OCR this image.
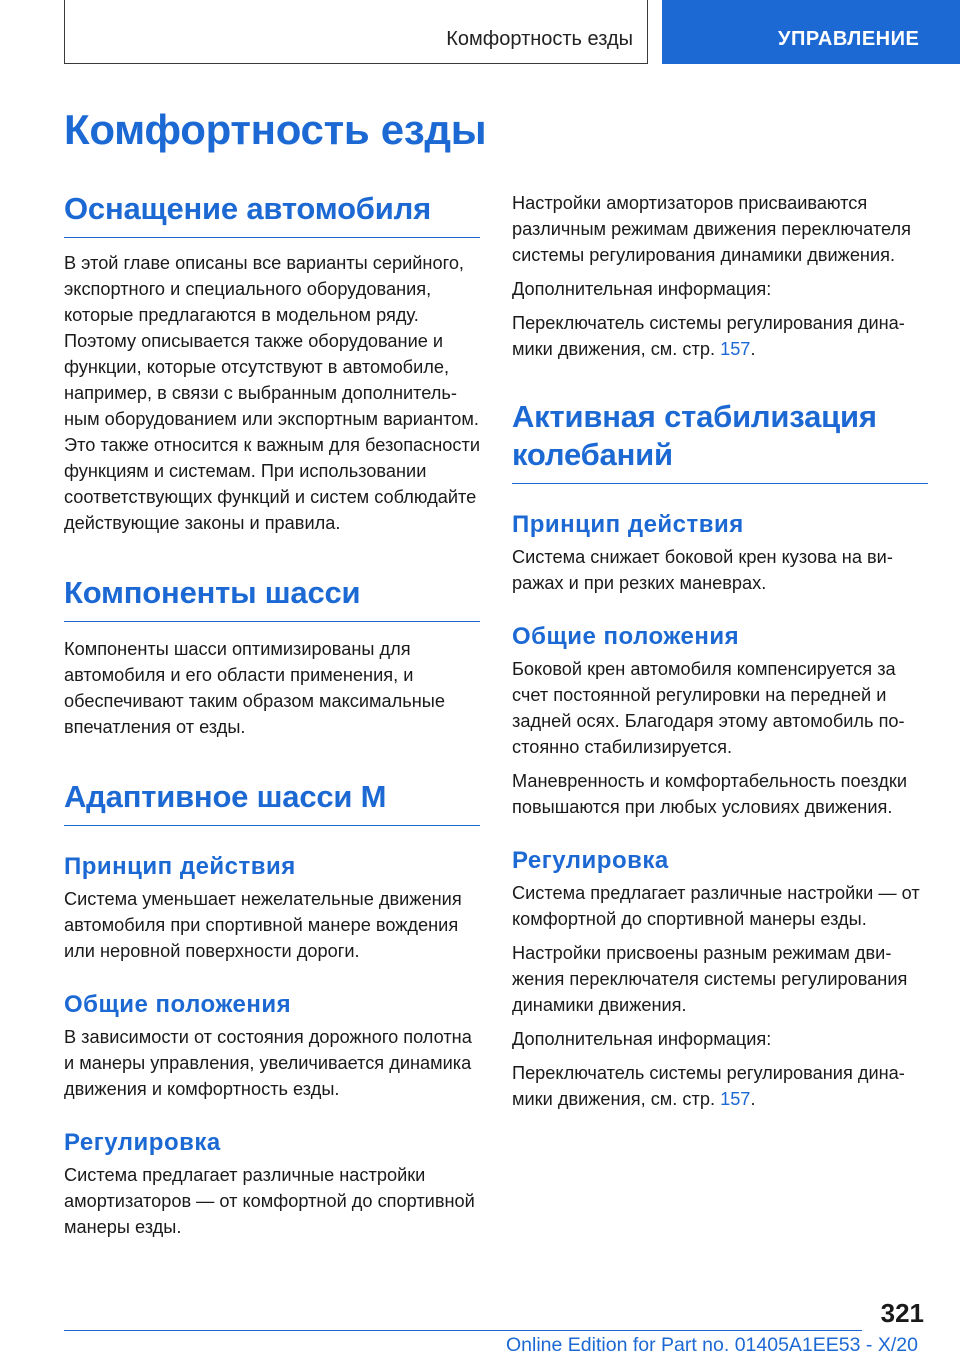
Комфортность езды	УПРАВЛЕНИЕ
Комфортность езды
Оснащение автомобиля

В этой главе описаны все варианты серийного, экспортного и специального оборудования, которые предлагаются в модельном ряду. Поэтому описывается также оборудование и функции, которые отсутствуют в автомобиле, например, в связи с выбранным дополнительным оборудованием или экспортным вариантом. Это также относится к важным для безопасности функциям и системам. При использовании соответствующих функций и систем соблюдайте действующие законы и правила.

Компоненты шасси

Компоненты шасси оптимизированы для автомобиля и его области применения, и обеспечивают таким образом максимальные впечатления от езды.

Адаптивное шасси M
Принцип действия

Система уменьшает нежелательные движения автомобиля при спортивной манере вождения или неровной поверхности дороги.

Общие положения

В зависимости от состояния дорожного полотна и манеры управления, увеличивается динамика движения и комфортность езды.

Регулировка

Система предлагает различные настройки амортизаторов — от комфортной до спортивной манеры езды.

Настройки амортизаторов присваиваются различным режимам движения переключателя системы регулирования динамики движения.

Дополнительная информация:

Переключатель системы регулирования динамики движения, см. стр. 157.

Активная стабилизация колебаний
Принцип действия

Система снижает боковой крен кузова на виражах и при резких маневрах.

Общие положения

Боковой крен автомобиля компенсируется за счет постоянной регулировки на передней и задней осях. Благодаря этому автомобиль постоянно стабилизируется.

Маневренность и комфортабельность поездки повышаются при любых условиях движения.

Регулировка

Система предлагает различные настройки — от комфортной до спортивной манеры езды.

Настройки присвоены разным режимам движения переключателя системы регулирования динамики движения.

Дополнительная информация:

Переключатель системы регулирования динамики движения, см. стр. 157.

321
Online Edition for Part no. 01405A1EE53 - X/20
